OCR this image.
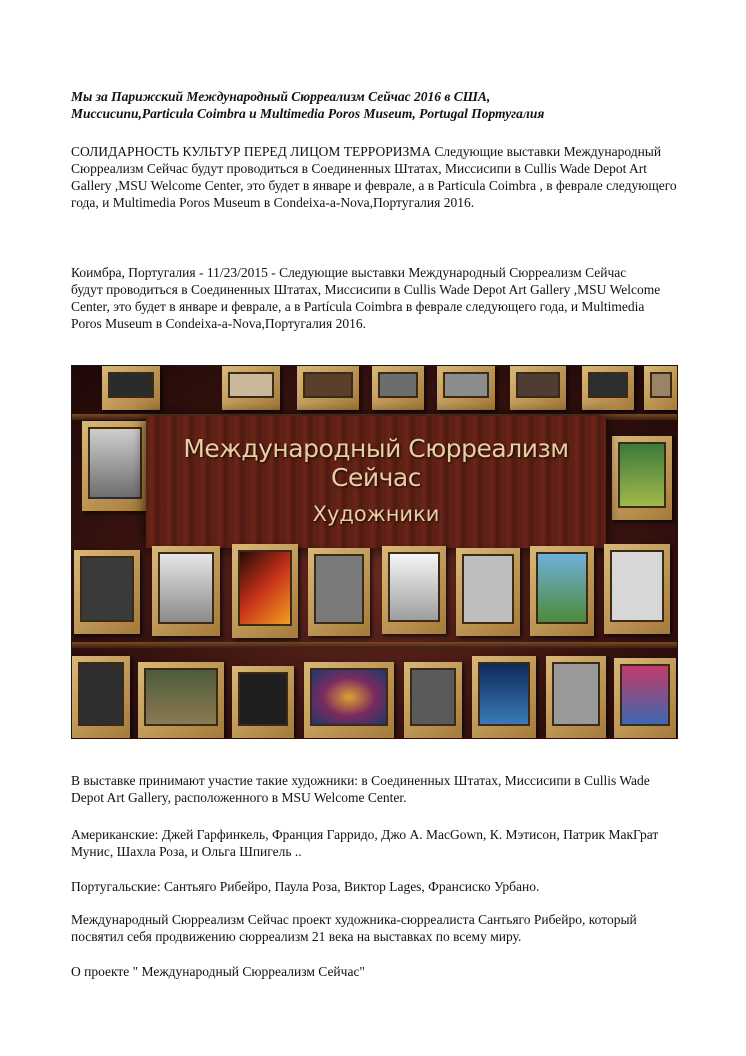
Мы за Парижский Международный Сюрреализм Сейчас 2016 в США,
Миссисипи,Particula Coimbra и Multimedia Poros Museum, Portugal Португалия

СОЛИДАРНОСТЬ КУЛЬТУР ПЕРЕД ЛИЦОМ ТЕРРОРИЗМА Следующие выставки Международный Сюрреализм Сейчас будут проводиться в Соединенных Штатах, Миссисипи в Cullis Wade Depot Art Gallery ,MSU Welcome Center, это будет в январе и феврале, а в Particula Coimbra , в феврале следующего года, и Multimedia Poros Museum в Condeixa-a-Nova,Португалия 2016.

Коимбра, Португалия - 11/23/2015 - Следующие выставки Международный Сюрреализм Сейчас
будут проводиться в Соединенных Штатах, Миссисипи в Cullis Wade Depot Art Gallery ,MSU Welcome Center, это будет в январе и феврале, а в Partícula Coimbra в феврале следующего года, и Multimedia Poros Museum в Condeixa-a-Nova,Португалия 2016.
Международный Сюрреализм Сейчас
Художники

В выставке принимают участие такие художники: в Соединенных Штатах, Миссисипи в Cullis Wade Depot Art Gallery, расположенного в MSU Welcome Center.

Американские: Джей Гарфинкель, Франция Гарридо, Джо А. MacGown, К. Мэтисон, Патрик МакГрат Мунис, Шахла Роза, и Ольга Шпигель ..

Португальские: Сантьяго Рибейро, Паула Роза, Виктор Lages, Франсиско Урбано.

Международный Сюрреализм Сейчас проект художника-сюрреалиста Сантьяго Рибейро, который посвятил себя продвижению сюрреализм 21 века на выставках по всему миру.

О проекте " Международный Сюрреализм Сейчас"
